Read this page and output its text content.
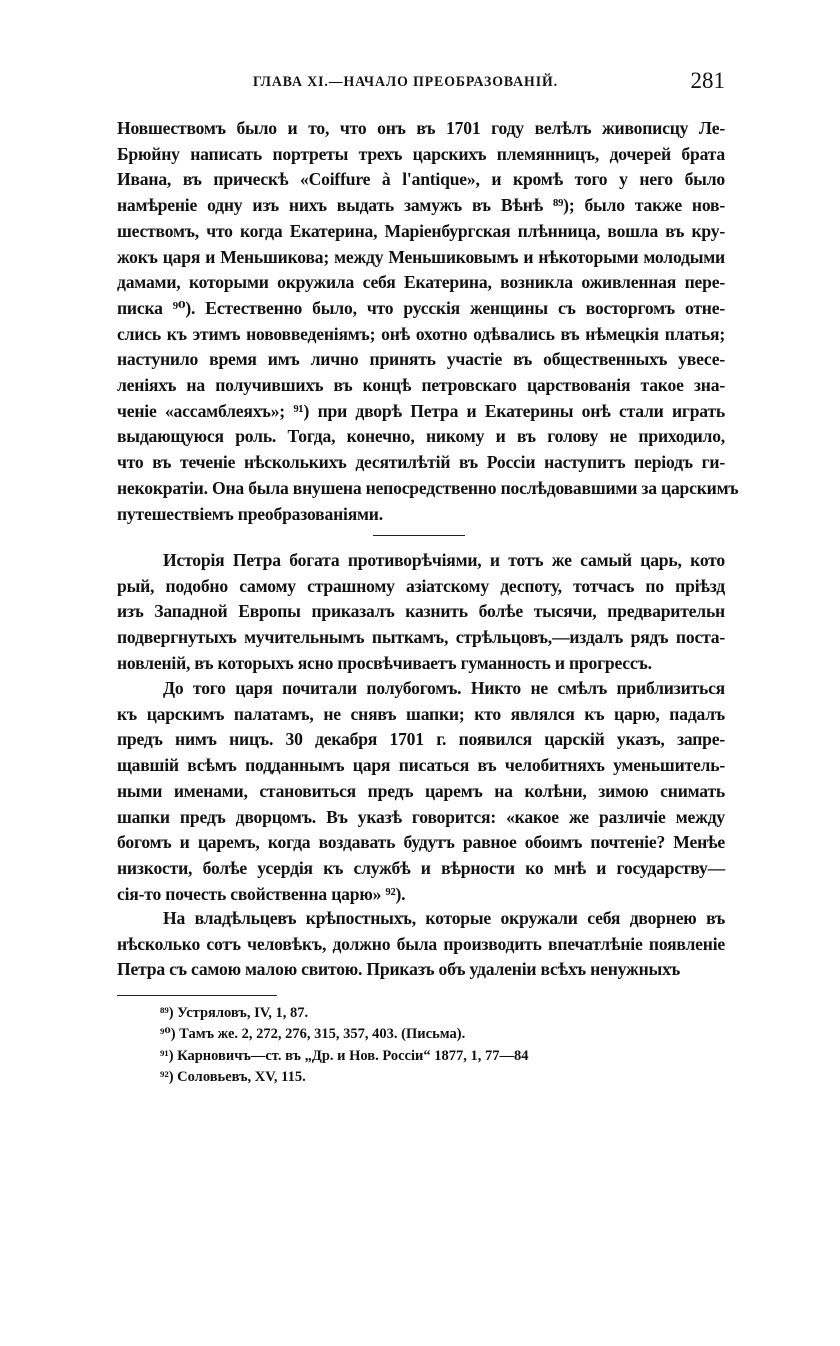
ГЛАВА XI.—НАЧАЛО ПРЕОБРАЗОВАНІЙ.	281
Новшествомъ было и то, что онъ въ 1701 году велѣлъ живописцу Ле-
Брюйну написать портреты трехъ царскихъ племянницъ, дочерей брата
Ивана, въ прическѣ «Coiffure à l'antique», и кромѣ того у него было
намѣреніе одну изъ нихъ выдать замужъ въ Вѣнѣ ⁸⁹); было также нов-
шествомъ, что когда Екатерина, Маріенбургская плѣнница, вошла въ кру-
жокъ царя и Меньшикова; между Меньшиковымъ и нѣкоторыми молодыми
дамами, которыми окружила себя Екатерина, возникла оживленная пере-
писка ⁹⁰). Естественно было, что русскія женщины съ восторгомъ отне-
слись къ этимъ нововведеніямъ; онѣ охотно одѣвались въ нѣмецкія платья;
настунило время имъ лично принять участіе въ общественныхъ увесе-
леніяхъ на получившихъ въ концѣ петровскаго царствованія такое зна-
ченіе «ассамблеяхъ»; ⁹¹) при дворѣ Петра и Екатерины онѣ стали играть
выдающуюся роль. Тогда, конечно, никому и въ голову не приходило,
что въ теченіе нѣсколькихъ десятилѣтій въ Россіи наступитъ періодъ ги-
некократіи. Она была внушена непосредственно послѣдовавшими за царскимъ
путешествіемъ преобразованіями.
Исторія Петра богата противорѣчіями, и тотъ же самый царь, кото
рый, подобно самому страшному азіатскому деспоту, тотчасъ по пріѣзд
изъ Западной Европы приказалъ казнить болѣе тысячи, предварительн
подвергнутыхъ мучительнымъ пыткамъ, стрѣльцовъ,—издалъ рядъ поста-
новленій, въ которыхъ ясно просвѣчиваетъ гуманность и прогрессъ.
До того царя почитали полубогомъ. Никто не смѣлъ приблизиться
къ царскимъ палатамъ, не снявъ шапки; кто являлся къ царю, падалъ
предъ нимъ ницъ. 30 декабря 1701 г. появился царскій указъ, запре-
щавшій всѣмъ подданнымъ царя писаться въ челобитняхъ уменьшитель-
ными именами, становиться предъ царемъ на колѣни, зимою снимать
шапки предъ дворцомъ. Въ указѣ говорится: «какое же различіе между
богомъ и царемъ, когда воздавать будутъ равное обоимъ почтеніе? Менѣе
низкости, болѣе усердія къ службѣ и вѣрности ко мнѣ и государству—
сія-то почесть свойственна царю» ⁹²).
На владѣльцевъ крѣпостныхъ, которые окружали себя дворнею въ
нѣсколько сотъ человѣкъ, должно была производить впечатлѣніе появленіе
Петра съ самою малою свитою. Приказъ объ удаленіи всѣхъ ненужныхъ
⁸⁹) Устряловъ, IV, 1, 87.
⁹⁰) Тамъ же. 2, 272, 276, 315, 357, 403. (Письма).
⁹¹) Карновичъ—ст. въ „Др. и Нов. Россіи“ 1877, 1, 77—84
⁹²) Соловьевъ, XV, 115.
